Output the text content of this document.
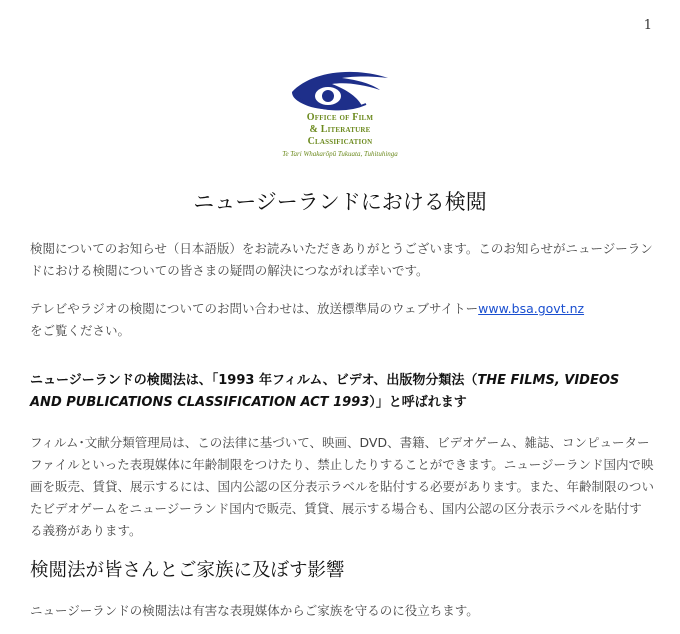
1
Office of Film
& Literature
Classification
Te Tari Whakarōpū Tukuata, Tuhituhinga
ニュージーランドにおける検閲
検閲についてのお知らせ（日本語版）をお読みいただきありがとうございます。このお知らせがニュージーランドにおける検閲についての皆さまの疑問の解決につながれば幸いです。
テレビやラジオの検閲についてのお問い合わせは、放送標準局のウェブサイトーwww.bsa.govt.nz
をご覧ください。
ニュージーランドの検閲法は、「1993 年フィルム、ビデオ、出版物分類法（THE FILMS, VIDEOS AND PUBLICATIONS CLASSIFICATION ACT 1993）」と呼ばれます
フィルム･文献分類管理局は、この法律に基づいて、映画、DVD、書籍、ビデオゲーム、雑誌、コンピューターファイルといった表現媒体に年齢制限をつけたり、禁止したりすることができます。ニュージーランド国内で映画を販売、賃貸、展示するには、国内公認の区分表示ラベルを貼付する必要があります。また、年齢制限のついたビデオゲームをニュージーランド国内で販売、賃貸、展示する場合も、国内公認の区分表示ラベルを貼付する義務があります。
検閲法が皆さんとご家族に及ぼす影響
ニュージーランドの検閲法は有害な表現媒体からご家族を守るのに役立ちます。
